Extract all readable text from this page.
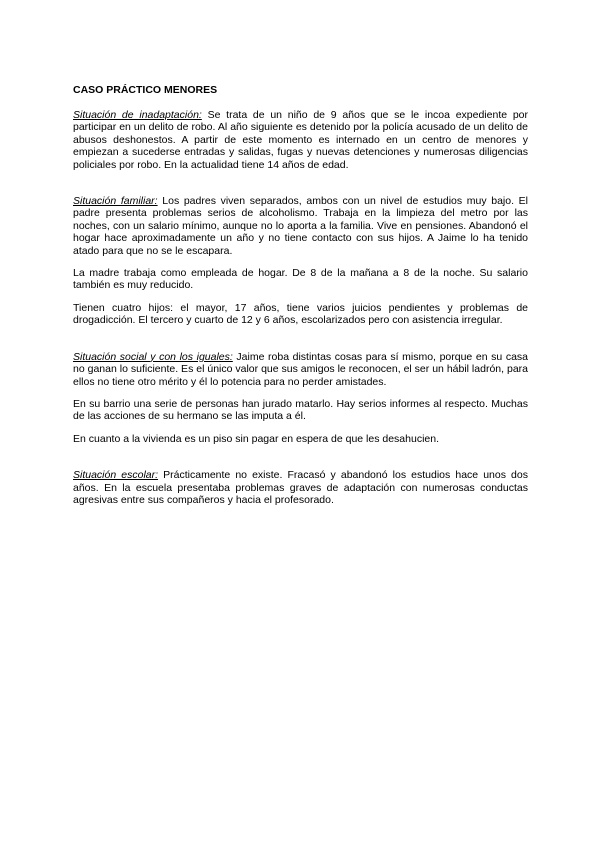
CASO PRÁCTICO MENORES

Situación de inadaptación: Se trata de un niño de 9 años que se le incoa expediente por participar en un delito de robo. Al año siguiente es detenido por la policía acusado de un delito de abusos deshonestos. A partir de este momento es internado en un centro de menores y empiezan a sucederse entradas y salidas, fugas y nuevas detenciones y numerosas diligencias policiales por robo. En la actualidad tiene 14 años de edad.

Situación familiar: Los padres viven separados, ambos con un nivel de estudios muy bajo. El padre presenta problemas serios de alcoholismo. Trabaja en la limpieza del metro por las noches, con un salario mínimo, aunque no lo aporta a la familia. Vive en pensiones. Abandonó el hogar hace aproximadamente un año y no tiene contacto con sus hijos. A Jaime lo ha tenido atado para que no se le escapara.

La madre trabaja como empleada de hogar. De 8 de la mañana a 8 de la noche. Su salario también es muy reducido.

Tienen cuatro hijos: el mayor, 17 años, tiene varios juicios pendientes y problemas de drogadicción. El tercero y cuarto de 12 y 6 años, escolarizados pero con asistencia irregular.

Situación social y con los iguales: Jaime roba distintas cosas para sí mismo, porque en su casa no ganan lo suficiente. Es el único valor que sus amigos le reconocen, el ser un hábil ladrón, para ellos no tiene otro mérito y él lo potencia para no perder amistades.

En su barrio una serie de personas han jurado matarlo. Hay serios informes al respecto. Muchas de las acciones de su hermano se las imputa a él.

En cuanto a la vivienda es un piso sin pagar en espera de que les desahucien.

Situación escolar: Prácticamente no existe. Fracasó y abandonó los estudios hace unos dos años. En la escuela presentaba problemas graves de adaptación con numerosas conductas agresivas entre sus compañeros y hacia el profesorado.
